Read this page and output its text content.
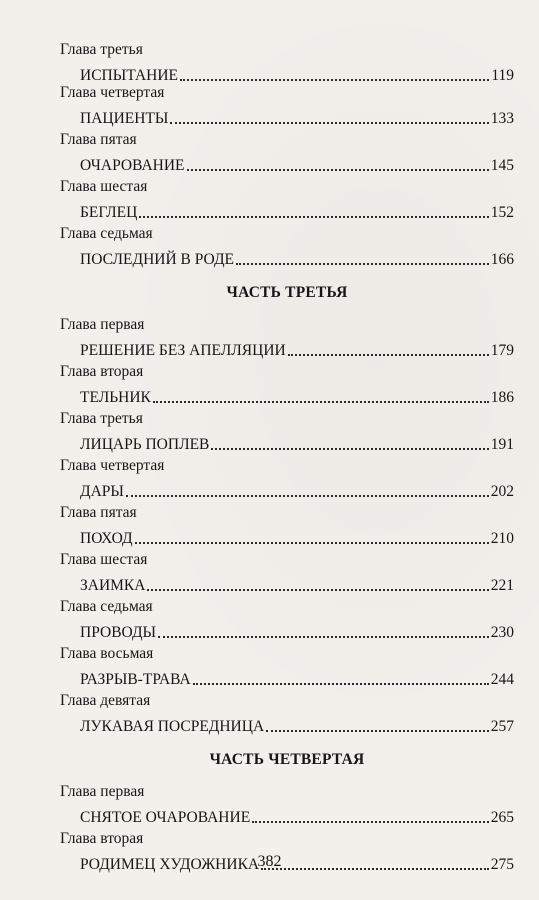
Глава третья
ИСПЫТАНИЕ	119
Глава четвертая
ПАЦИЕНТЫ	133
Глава пятая
ОЧАРОВАНИЕ	145
Глава шестая
БЕГЛЕЦ	152
Глава седьмая
ПОСЛЕДНИЙ В РОДЕ	166
ЧАСТЬ ТРЕТЬЯ
Глава первая
РЕШЕНИЕ БЕЗ АПЕЛЛЯЦИИ	179
Глава вторая
ТЕЛЬНИК	186
Глава третья
ЛИЦАРЬ ПОПЛЕВ	191
Глава четвертая
ДАРЫ	202
Глава пятая
ПОХОД	210
Глава шестая
ЗАИМКА	221
Глава седьмая
ПРОВОДЫ	230
Глава восьмая
РАЗРЫВ-ТРАВА	244
Глава девятая
ЛУКАВАЯ ПОСРЕДНИЦА	257
ЧАСТЬ ЧЕТВЕРТАЯ
Глава первая
СНЯТОЕ ОЧАРОВАНИЕ	265
Глава вторая
РОДИМЕЦ ХУДОЖНИКА	275
382
